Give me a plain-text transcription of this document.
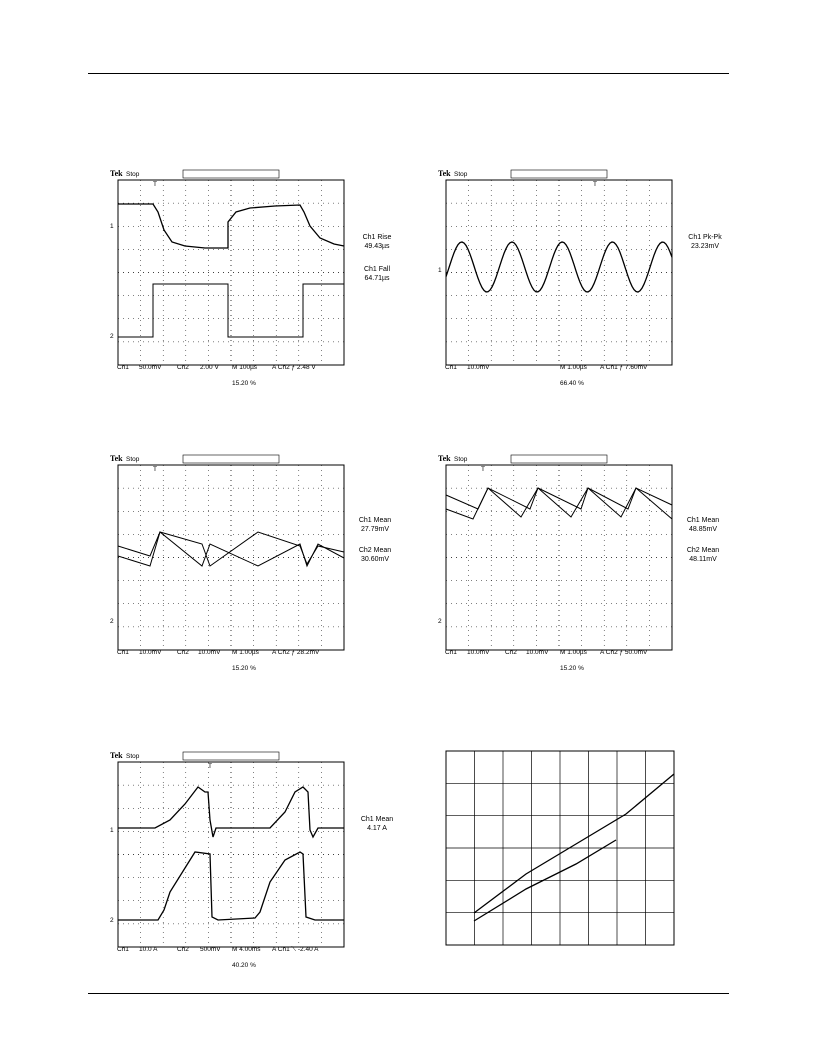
Tek Stop
1
2
T
Ch1 50.0mV Ch2 2.00 V M 100µs A Ch2 ƒ 2.48 V
15.20 %
Ch1 Rise
49.43µs
Ch1 Fall
64.71µs
Tek Stop
1
T
Ch1 10.0mV	M 1.00µs A Ch1 ƒ 7.60mV
66.40 %
Ch1 Pk-Pk
23.23mV
Tek Stop
2
T
Ch1 10.0mV Ch2 10.0mV M 1.00µs A Ch2 ƒ 28.2mV
15.20 %
Ch1 Mean
27.79mV
Ch2 Mean
30.60mV
Tek Stop
2
T
Ch1 10.0mV Ch2 10.0mV M 1.00µs A Ch2 ƒ 50.0mV
15.20 %
Ch1 Mean
48.85mV
Ch2 Mean
48.11mV
Tek Stop
1
2
T
Ch1 10.0 A	Ch2 500mV M 4.00ms A Ch1 ⟍ -2.40 A
40.20 %
Ch1 Mean
4.17 A
